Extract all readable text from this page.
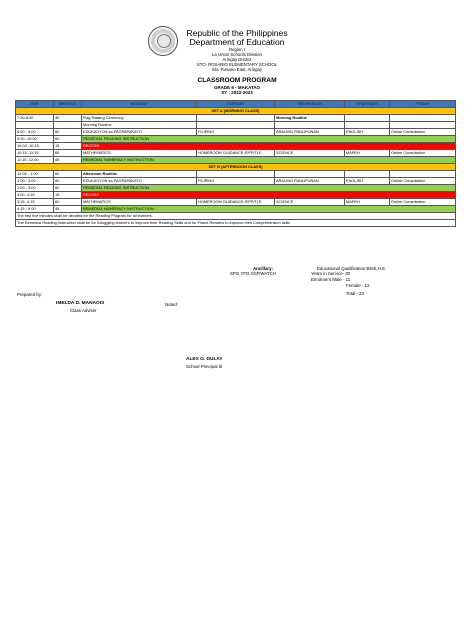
Republic of the Philippines
Department of Education
Region I
La Union Schools Division
Aringay District
STO. ROSARIO ELEMENTARY SCHOOL
Sto. Rosario East, Aringay
CLASSROOM PROGRAM
GRADE 6 - MAKATAO
SY : 2022-2023
TIME	MINUTES	MONDAY	TUESDAY	WEDNESDAY	THURSDAY	FRIDAY
SET A (MORNING CLASS)						
7:30-8:00	30	Flag Raising Ceremony		Morning Routine		
		Morning Routine				
8:00 - 9:00	60	EDUKASYON sa PAGPAPAKATO	FILIPINO	ARALING PANLIPUNAN	ENGLISH	Online Consultation
9:00 -10:00	60	REMEDIAL READING INSTRUCTION				
10:00 -10:15	15	RECESS				
10:15 -11:15	60	MATHEMATICS	HOMEROOM GUIDANCE /EPP/TLE	SCIENCE	MAPEH	Online Consultation
11:15 -12:00	45	REMEDIAL NUMERACY INSTRUCTION				
SET B (AFTERNOON CLASS)						
12:00 - 1:00	60	Afternoon Routine				
1:00 - 2:00	60	EDUKASYON sa PAGPAPAKATO	FILIPINO	ARALING PANLIPUNAN	ENGLISH	Online Consultation
2:00 - 3:00	60	REMEDIAL READING INSTRUCTION				
3:00 -3:15	15	RECESS				
3:15 -4:15	60	MATHEMATICS	HOMEROOM GUIDANCE /EPP/TLE	SCIENCE	MAPEH	Online Consultation
4:15 - 5:00	45	REMEDIAL NUMERACY INSTRUCTION				
The first five minutes shall be devoted for the Reading Program for all learners.						
The Remedial Reading Instruction shall be for Struggling learners to improve their Reading Skills and for Fluent Readers to improve their Comprehension skills						
Ancillary:
SPG,YFD,GSP,WATCH
Educational Qualification:BSIE,H.E
Years in Service- 30
Enrolment Male - 11
Female - 12
Total - 23
Prepared by:
IMELDA D. MANAOIS
Class Adviser
Noted:
ALEX G. DULAY
School Principal III
